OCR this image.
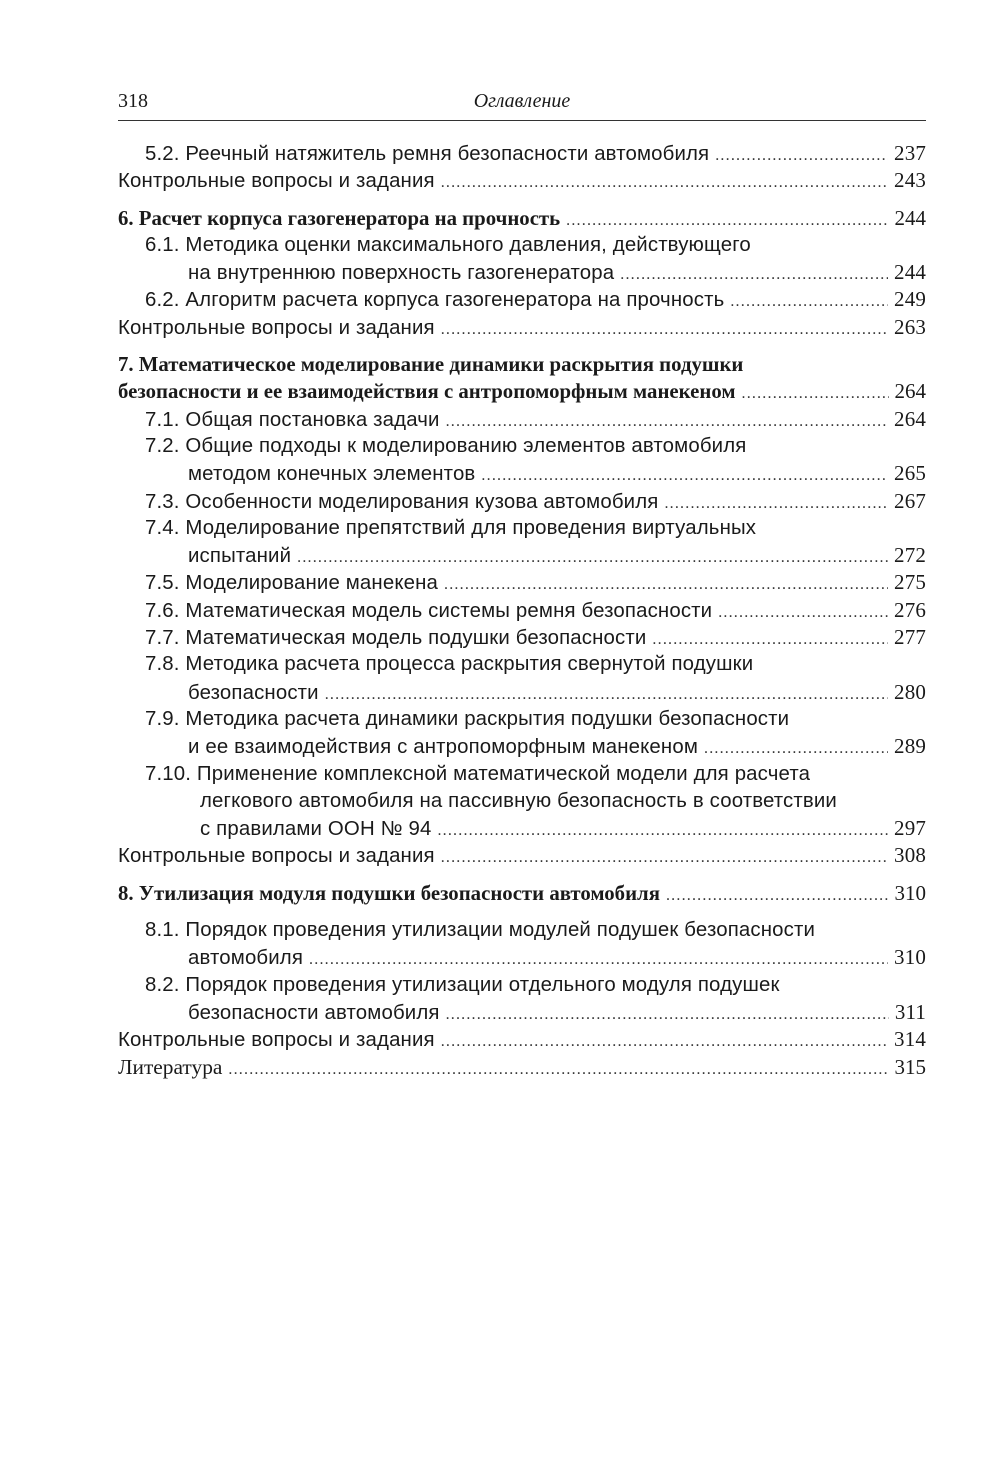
318	Оглавление
5.2. Реечный натяжитель ремня безопасности автомобиля .....	237
Контрольные вопросы и задания .....	243
6. Расчет корпуса газогенератора на прочность .....	244
6.1. Методика оценки максимального давления, действующего
на внутреннюю поверхность газогенератора .....	244
6.2. Алгоритм расчета корпуса газогенератора на прочность .....	249
Контрольные вопросы и задания .....	263
7. Математическое моделирование динамики раскрытия подушки
безопасности и ее взаимодействия с антропоморфным манекеном .....	264
7.1. Общая постановка задачи .....	264
7.2. Общие подходы к моделированию элементов автомобиля
методом конечных элементов .....	265
7.3. Особенности моделирования кузова автомобиля .....	267
7.4. Моделирование препятствий для проведения виртуальных
испытаний .....	272
7.5. Моделирование манекена .....	275
7.6. Математическая модель системы ремня безопасности .....	276
7.7. Математическая модель подушки безопасности .....	277
7.8. Методика расчета процесса раскрытия свернутой подушки
безопасности .....	280
7.9. Методика расчета динамики раскрытия подушки безопасности
и ее взаимодействия с антропоморфным манекеном .....	289
7.10. Применение комплексной математической модели для расчета
легкового автомобиля на пассивную безопасность в соответствии
с правилами ООН № 94 .....	297
Контрольные вопросы и задания .....	308
8. Утилизация модуля подушки безопасности автомобиля .....	310
8.1. Порядок проведения утилизации модулей подушек безопасности
автомобиля .....	310
8.2. Порядок проведения утилизации отдельного модуля подушек
безопасности автомобиля .....	311
Контрольные вопросы и задания .....	314
Литература .....	315
